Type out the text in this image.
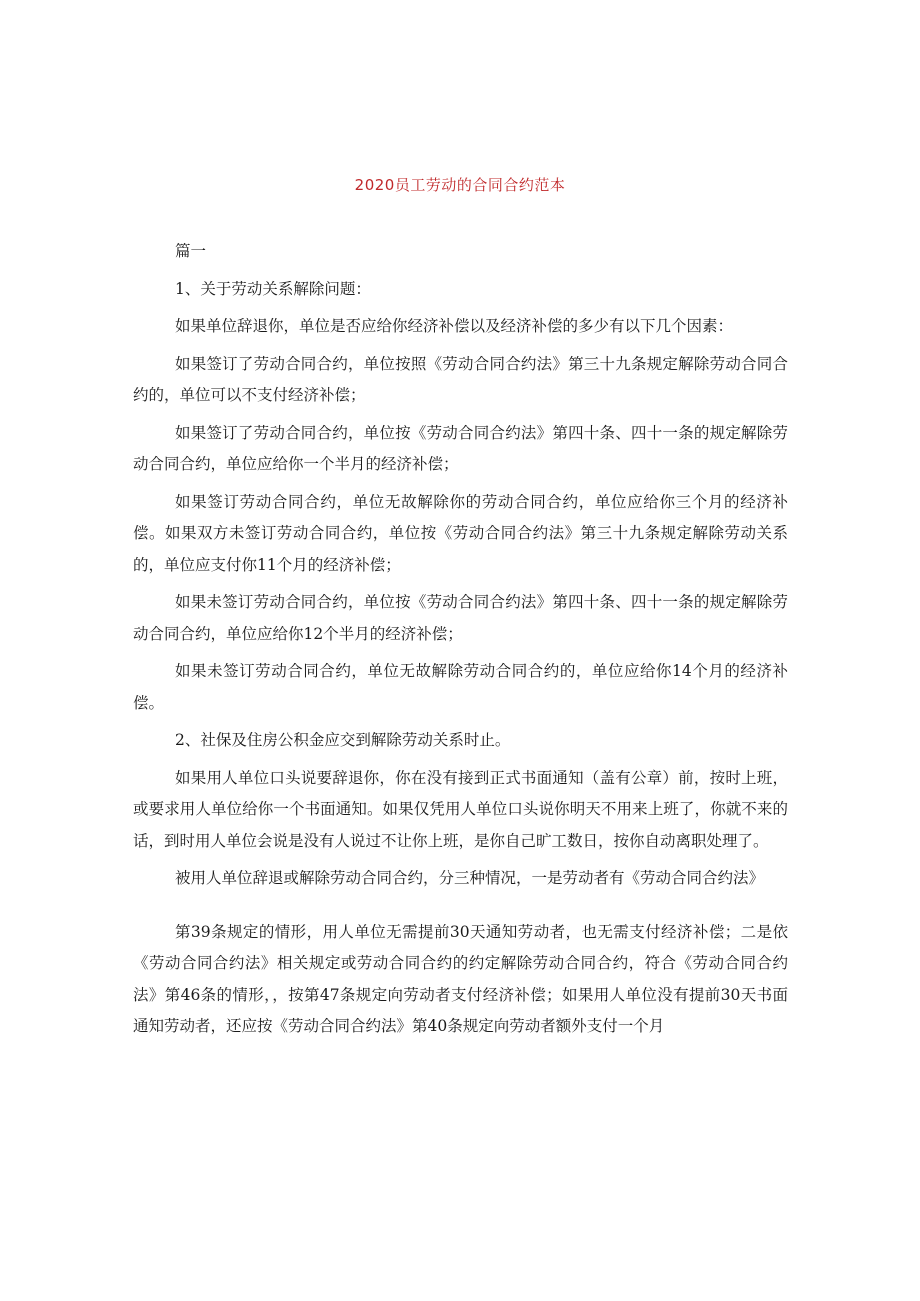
2020员工劳动的合同合约范本

篇一

1、关于劳动关系解除问题：

如果单位辞退你，单位是否应给你经济补偿以及经济补偿的多少有以下几个因素：

如果签订了劳动合同合约，单位按照《劳动合同合约法》第三十九条规定解除劳动合同合约的，单位可以不支付经济补偿；

如果签订了劳动合同合约，单位按《劳动合同合约法》第四十条、四十一条的规定解除劳动合同合约，单位应给你一个半月的经济补偿；

如果签订劳动合同合约，单位无故解除你的劳动合同合约，单位应给你三个月的经济补偿。如果双方未签订劳动合同合约，单位按《劳动合同合约法》第三十九条规定解除劳动关系的，单位应支付你11个月的经济补偿；

如果未签订劳动合同合约，单位按《劳动合同合约法》第四十条、四十一条的规定解除劳动合同合约，单位应给你12个半月的经济补偿；

如果未签订劳动合同合约，单位无故解除劳动合同合约的，单位应给你14个月的经济补偿。

2、社保及住房公积金应交到解除劳动关系时止。

如果用人单位口头说要辞退你，你在没有接到正式书面通知（盖有公章）前，按时上班，或要求用人单位给你一个书面通知。如果仅凭用人单位口头说你明天不用来上班了，你就不来的话，到时用人单位会说是没有人说过不让你上班，是你自己旷工数日，按你自动离职处理了。

被用人单位辞退或解除劳动合同合约，分三种情况，一是劳动者有《劳动合同合约法》

第39条规定的情形，用人单位无需提前30天通知劳动者，也无需支付经济补偿；二是依《劳动合同合约法》相关规定或劳动合同合约的约定解除劳动合同合约，符合《劳动合同合约法》第46条的情形，，按第47条规定向劳动者支付经济补偿；如果用人单位没有提前30天书面通知劳动者，还应按《劳动合同合约法》第40条规定向劳动者额外支付一个月
